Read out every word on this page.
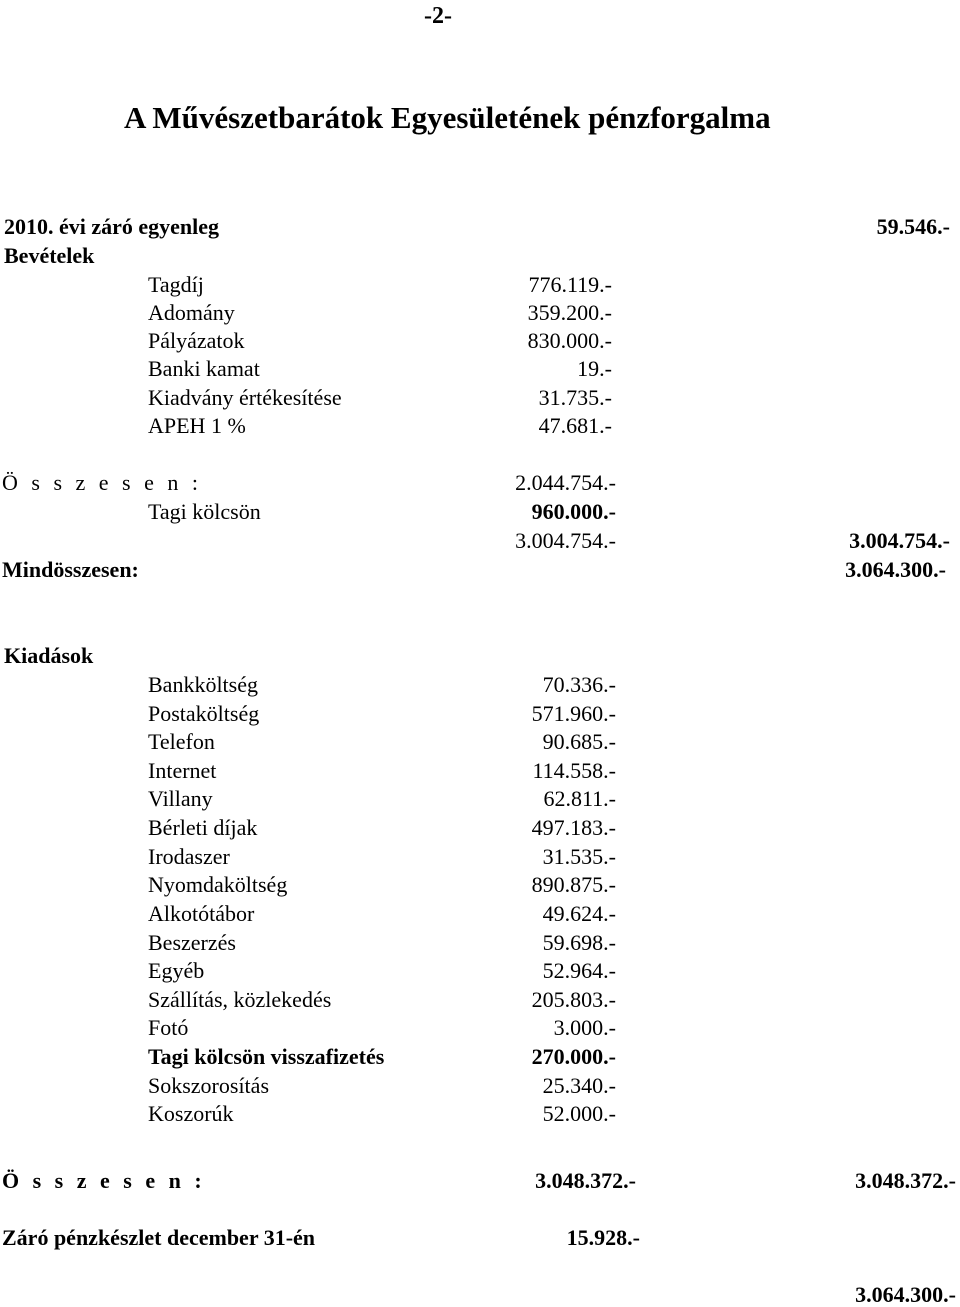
-2-
A Művészetbarátok Egyesületének pénzforgalma
2010. évi záró egyenleg	59.546.-
Bevételek
Tagdíj	776.119.-
Adomány	359.200.-
Pályázatok	830.000.-
Banki kamat	19.-
Kiadvány értékesítése	31.735.-
APEH 1 %	47.681.-
Ö s s z e s e n :	2.044.754.-
Tagi kölcsön	960.000.-
3.004.754.-	3.004.754.-
Mindösszesen:	3.064.300.-
Kiadások
Bankköltség	70.336.-
Postaköltség	571.960.-
Telefon	90.685.-
Internet	114.558.-
Villany	62.811.-
Bérleti díjak	497.183.-
Irodaszer	31.535.-
Nyomdaköltség	890.875.-
Alkotótábor	49.624.-
Beszerzés	59.698.-
Egyéb	52.964.-
Szállítás, közlekedés	205.803.-
Fotó	3.000.-
Tagi kölcsön visszafizetés	270.000.-
Sokszorosítás	25.340.-
Koszorúk	52.000.-
Ö s s z e s e n :	3.048.372.-	3.048.372.-
Záró pénzkészlet december 31-én	15.928.-
3.064.300.-
